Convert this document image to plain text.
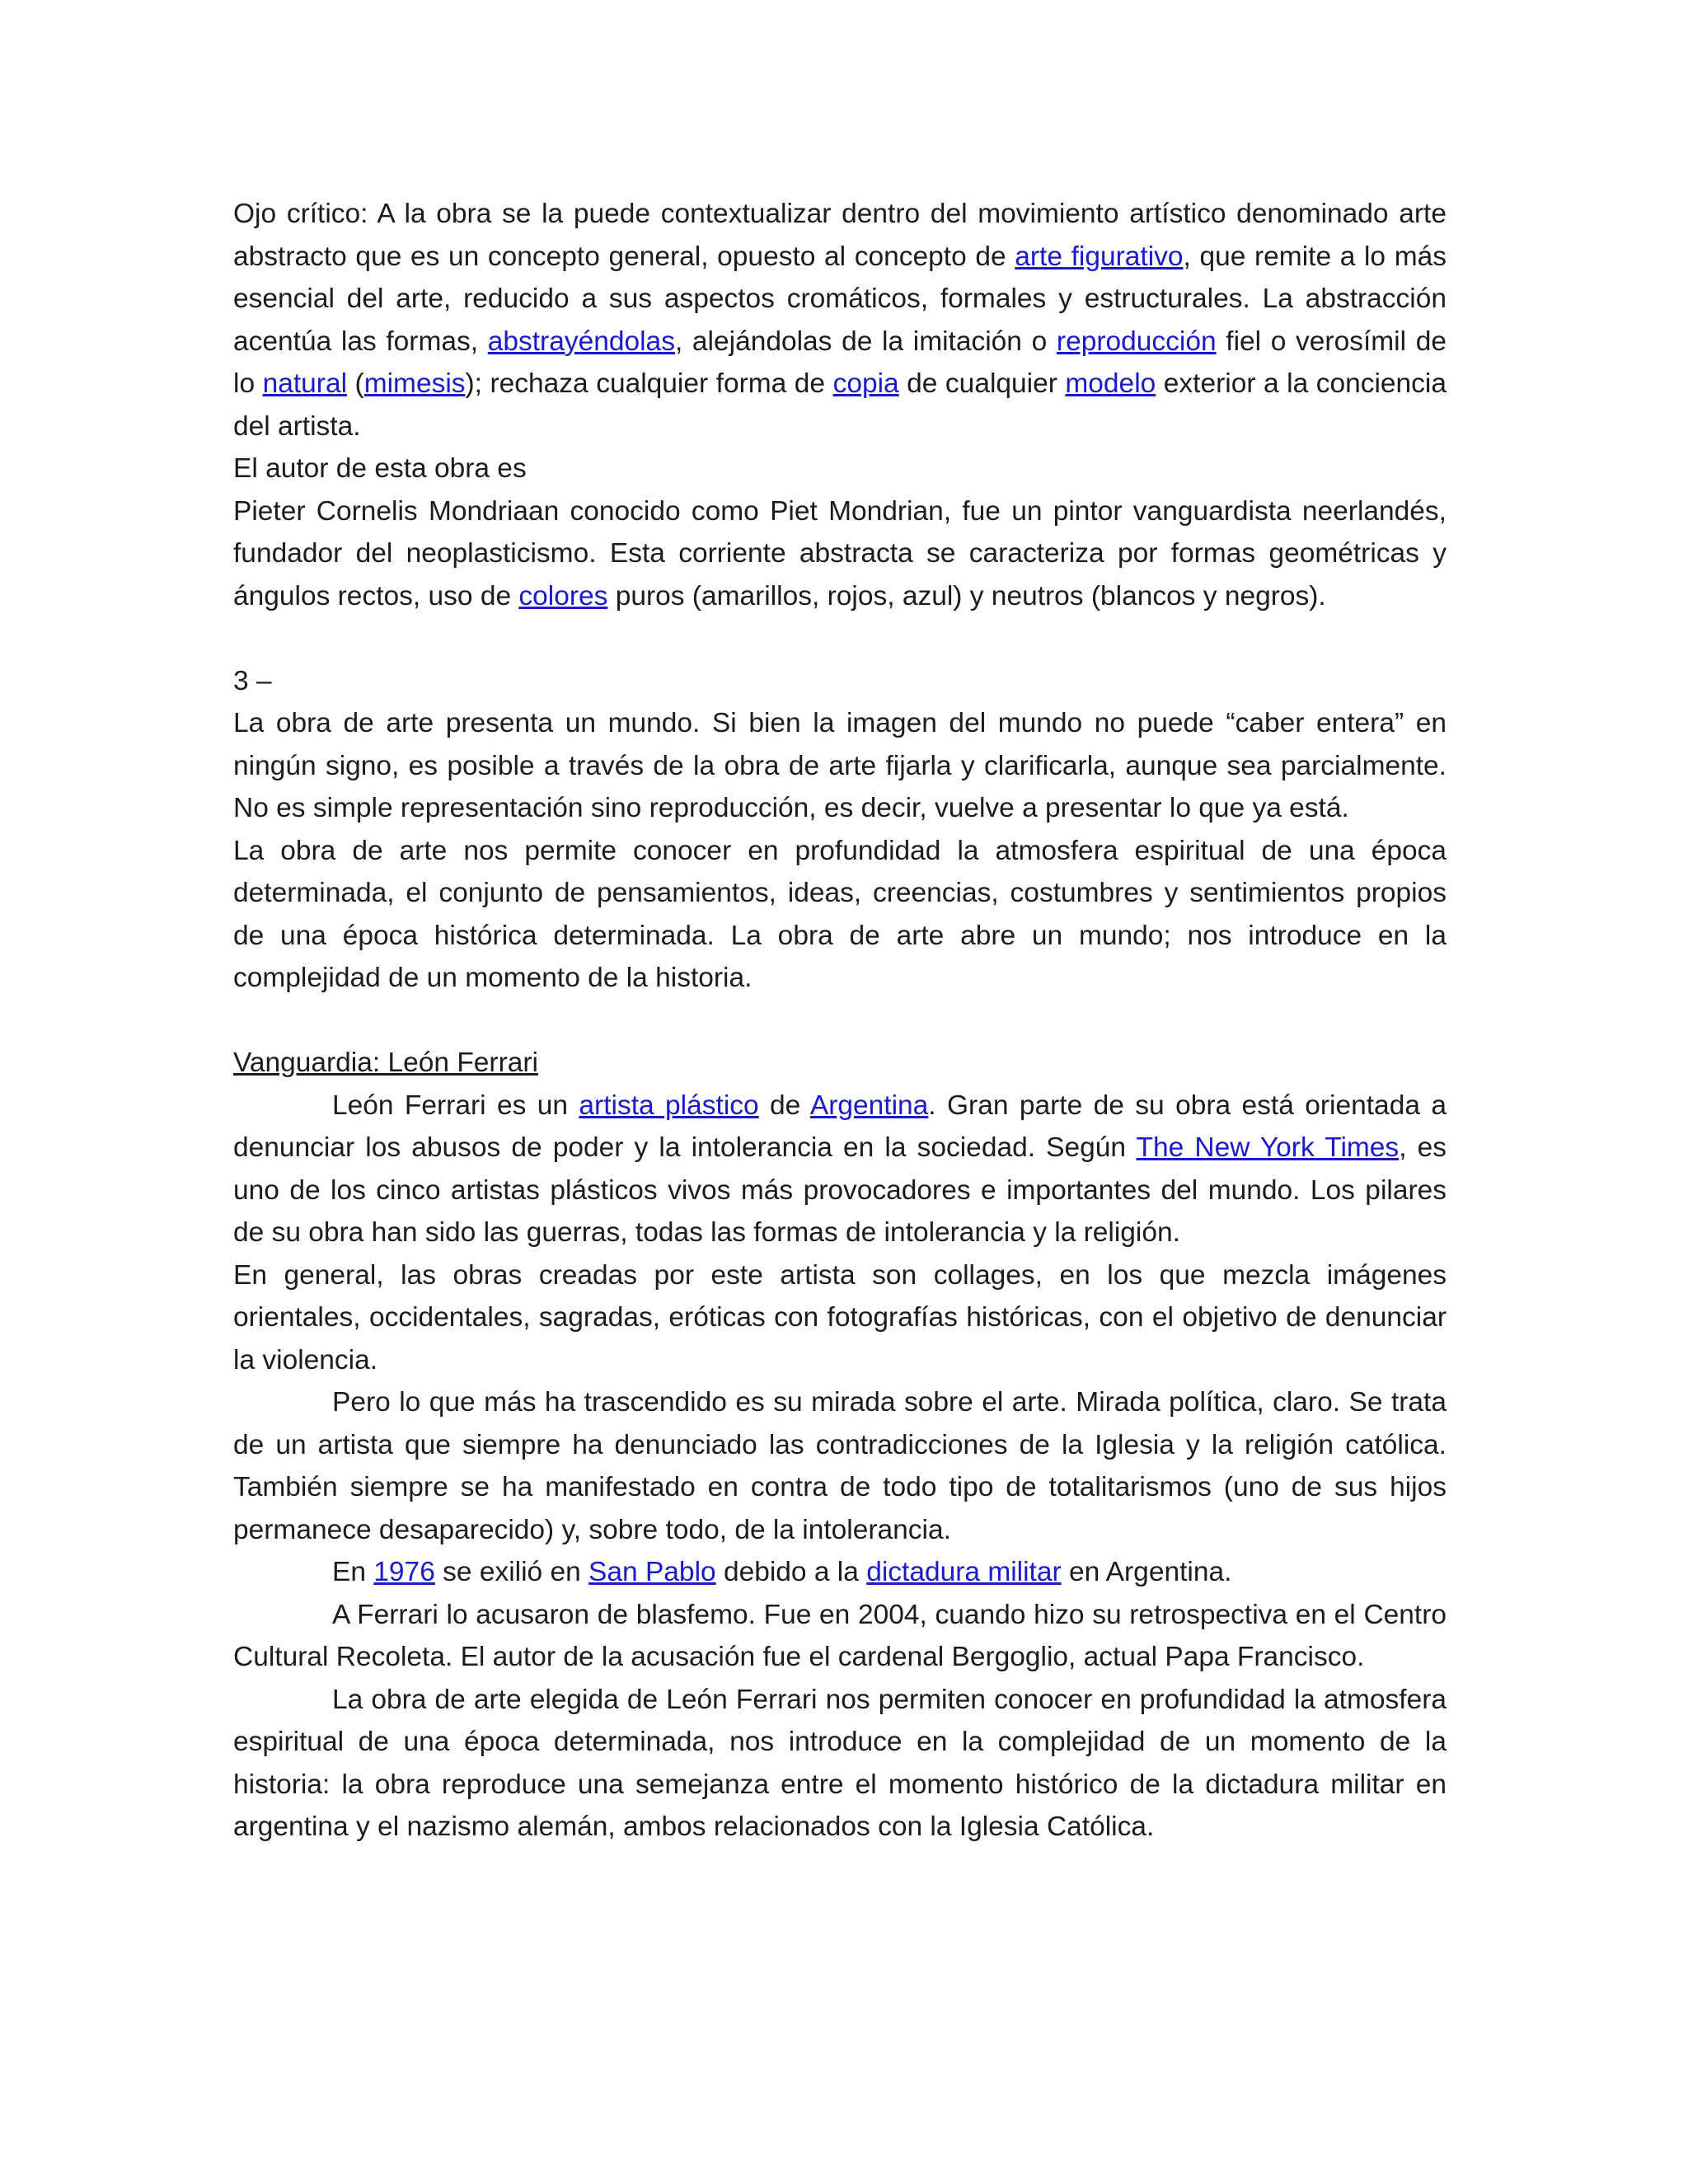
Ojo crítico: A la obra se la puede contextualizar dentro del movimiento artístico denominado arte abstracto que es un concepto general, opuesto al concepto de arte figurativo, que remite a lo más esencial del arte, reducido a sus aspectos cromáticos, formales y estructurales. La abstracción acentúa las formas, abstrayéndolas, alejándolas de la imitación o reproducción fiel o verosímil de lo natural (mimesis); rechaza cualquier forma de copia de cualquier modelo exterior a la conciencia del artista.

El autor de esta obra es

Pieter Cornelis Mondriaan conocido como Piet Mondrian, fue un pintor vanguardista neerlandés, fundador del neoplasticismo. Esta corriente abstracta se caracteriza por formas geométricas y ángulos rectos, uso de colores puros (amarillos, rojos, azul) y neutros (blancos y negros).

3 –

La obra de arte presenta un mundo. Si bien la imagen del mundo no puede “caber entera” en ningún signo, es posible a través de la obra de arte fijarla y clarificarla, aunque sea parcialmente. No es simple representación sino reproducción, es decir, vuelve a presentar lo que ya está.

La obra de arte nos permite conocer en profundidad la atmosfera espiritual de una época determinada, el conjunto de pensamientos, ideas, creencias, costumbres y sentimientos propios de una época histórica determinada. La obra de arte abre un mundo; nos introduce en la complejidad de un momento de la historia.

Vanguardia: León Ferrari

León Ferrari es un artista plástico de Argentina. Gran parte de su obra está orientada a denunciar los abusos de poder y la intolerancia en la sociedad. Según The New York Times, es uno de los cinco artistas plásticos vivos más provocadores e importantes del mundo. Los pilares de su obra han sido las guerras, todas las formas de intolerancia y la religión.

En general, las obras creadas por este artista son collages, en los que mezcla imágenes orientales, occidentales, sagradas, eróticas con fotografías históricas, con el objetivo de denunciar la violencia.

Pero lo que más ha trascendido es su mirada sobre el arte. Mirada política, claro. Se trata de un artista que siempre ha denunciado las contradicciones de la Iglesia y la religión católica. También siempre se ha manifestado en contra de todo tipo de totalitarismos (uno de sus hijos permanece desaparecido) y, sobre todo, de la intolerancia.

En 1976 se exilió en San Pablo debido a la dictadura militar en Argentina.

A Ferrari lo acusaron de blasfemo. Fue en 2004, cuando hizo su retrospectiva en el Centro Cultural Recoleta. El autor de la acusación fue el cardenal Bergoglio, actual Papa Francisco.

La obra de arte elegida de León Ferrari nos permiten conocer en profundidad la atmosfera espiritual de una época determinada, nos introduce en la complejidad de un momento de la historia: la obra reproduce una semejanza entre el momento histórico de la dictadura militar en argentina y el nazismo alemán, ambos relacionados con la Iglesia Católica.
